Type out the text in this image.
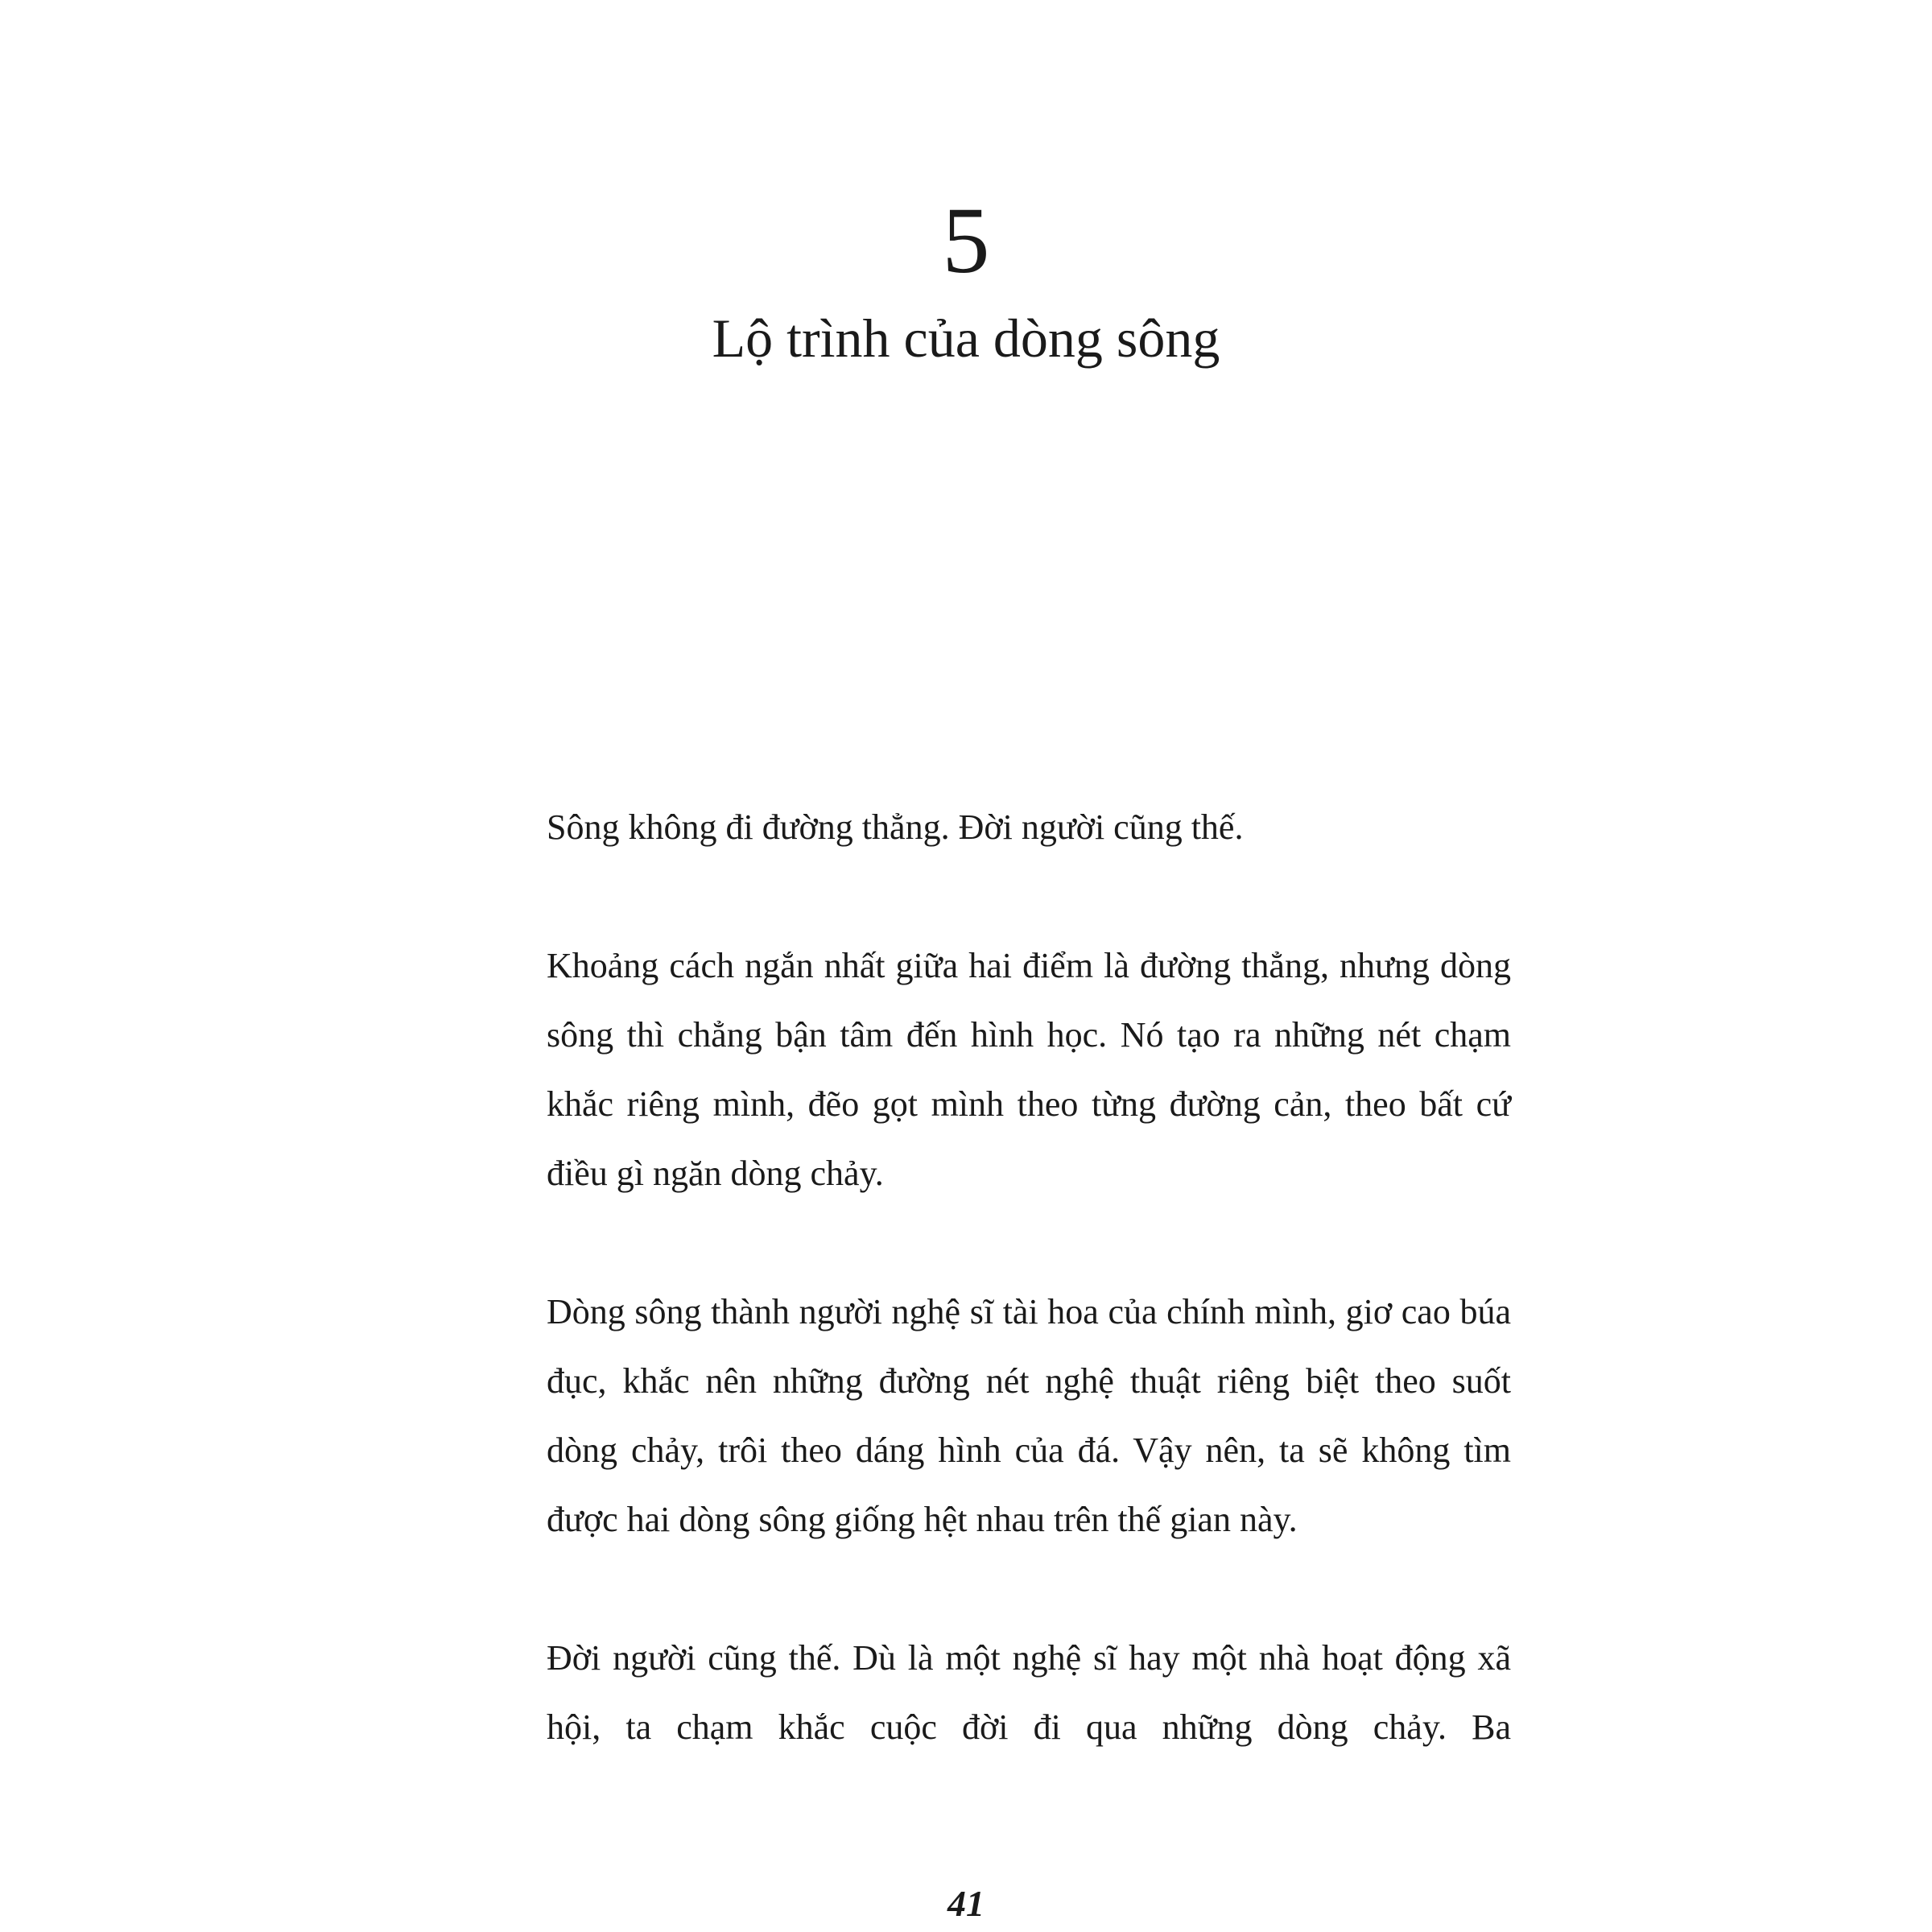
5
Lộ trình của dòng sông

Sông không đi đường thẳng. Đời người cũng thế.

Khoảng cách ngắn nhất giữa hai điểm là đường thẳng, nhưng dòng sông thì chẳng bận tâm đến hình học. Nó tạo ra những nét chạm khắc riêng mình, đẽo gọt mình theo từng đường cản, theo bất cứ điều gì ngăn dòng chảy.

Dòng sông thành người nghệ sĩ tài hoa của chính mình, giơ cao búa đục, khắc nên những đường nét nghệ thuật riêng biệt theo suốt dòng chảy, trôi theo dáng hình của đá. Vậy nên, ta sẽ không tìm được hai dòng sông giống hệt nhau trên thế gian này.

Đời người cũng thế. Dù là một nghệ sĩ hay một nhà hoạt động xã hội, ta chạm khắc cuộc đời đi qua những dòng chảy. Ba

41
